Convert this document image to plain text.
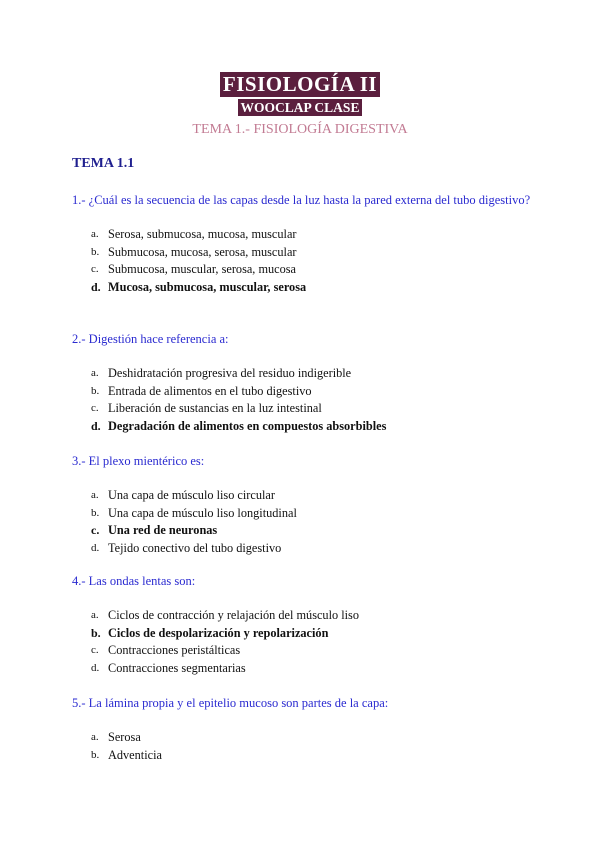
FISIOLOGÍA II
WOOCLAP CLASE
TEMA 1.- FISIOLOGÍA DIGESTIVA
TEMA 1.1

1.- ¿Cuál es la secuencia de las capas desde la luz hasta la pared externa del tubo digestivo?

a. Serosa, submucosa, mucosa, muscular
b. Submucosa, mucosa, serosa, muscular
c. Submucosa, muscular, serosa, mucosa
d. Mucosa, submucosa, muscular, serosa

2.- Digestión hace referencia a:

a. Deshidratación progresiva del residuo indigerible
b. Entrada de alimentos en el tubo digestivo
c. Liberación de sustancias en la luz intestinal
d. Degradación de alimentos en compuestos absorbibles

3.- El plexo mientérico es:

a. Una capa de músculo liso circular
b. Una capa de músculo liso longitudinal
c. Una red de neuronas
d. Tejido conectivo del tubo digestivo

4.- Las ondas lentas son:

a. Ciclos de contracción y relajación del músculo liso
b. Ciclos de despolarización y repolarización
c. Contracciones peristálticas
d. Contracciones segmentarias

5.- La lámina propia y el epitelio mucoso son partes de la capa:

a. Serosa
b. Adventicia
